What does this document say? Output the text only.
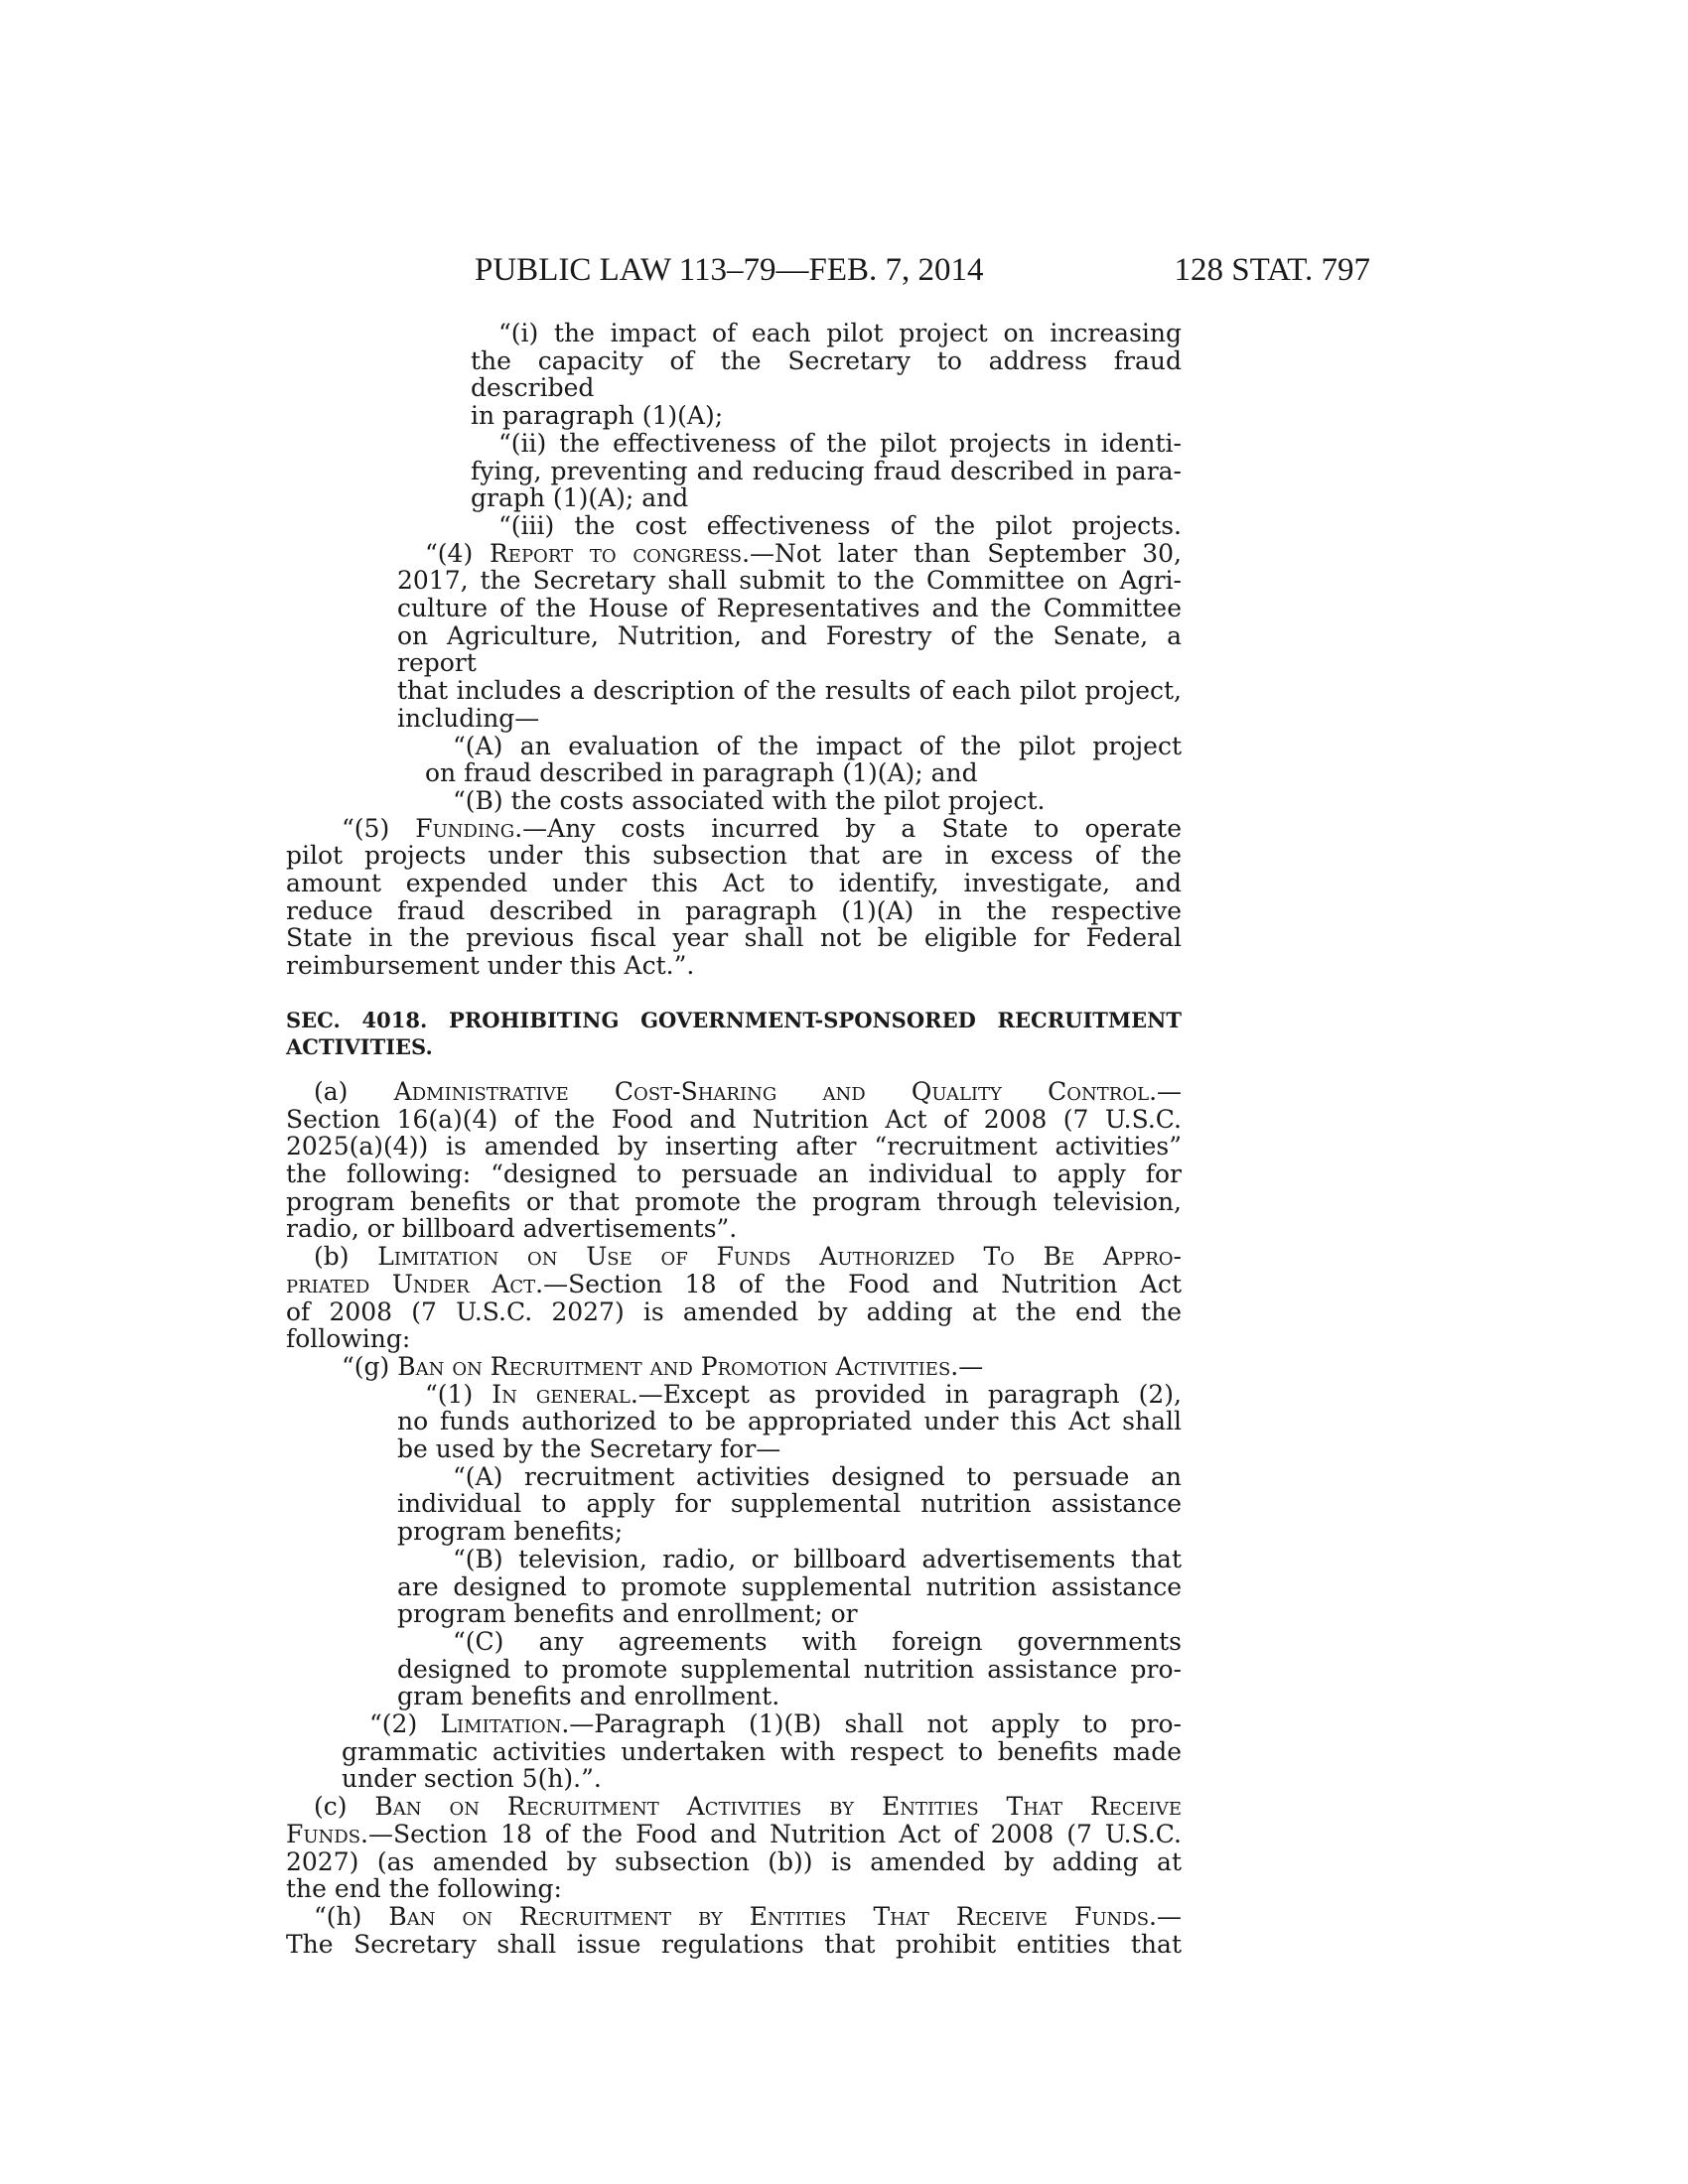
PUBLIC LAW 113–79—FEB. 7, 2014	128 STAT. 797

“(i) the impact of each pilot project on increasing

the capacity of the Secretary to address fraud described

in paragraph (1)(A);

“(ii) the effectiveness of the pilot projects in identi-

fying, preventing and reducing fraud described in para-

graph (1)(A); and

“(iii) the cost effectiveness of the pilot projects.

“(4) Report to congress.—Not later than September 30,

2017, the Secretary shall submit to the Committee on Agri-

culture of the House of Representatives and the Committee

on Agriculture, Nutrition, and Forestry of the Senate, a report

that includes a description of the results of each pilot project,

including—

“(A) an evaluation of the impact of the pilot project

on fraud described in paragraph (1)(A); and

“(B) the costs associated with the pilot project.

“(5) Funding.—Any costs incurred by a State to operate

pilot projects under this subsection that are in excess of the

amount expended under this Act to identify, investigate, and

reduce fraud described in paragraph (1)(A) in the respective

State in the previous fiscal year shall not be eligible for Federal

reimbursement under this Act.”.

SEC. 4018. PROHIBITING GOVERNMENT-SPONSORED RECRUITMENT
ACTIVITIES.

(a) Administrative Cost-Sharing and Quality Control.—

Section 16(a)(4) of the Food and Nutrition Act of 2008 (7 U.S.C.

2025(a)(4)) is amended by inserting after “recruitment activities”

the following: “designed to persuade an individual to apply for

program benefits or that promote the program through television,

radio, or billboard advertisements”.

(b) Limitation on Use of Funds Authorized To Be Appro-

priated Under Act.—Section 18 of the Food and Nutrition Act

of 2008 (7 U.S.C. 2027) is amended by adding at the end the

following:

“(g) Ban on Recruitment and Promotion Activities.—

“(1) In general.—Except as provided in paragraph (2),

no funds authorized to be appropriated under this Act shall

be used by the Secretary for—

“(A) recruitment activities designed to persuade an

individual to apply for supplemental nutrition assistance

program benefits;

“(B) television, radio, or billboard advertisements that

are designed to promote supplemental nutrition assistance

program benefits and enrollment; or

“(C) any agreements with foreign governments

designed to promote supplemental nutrition assistance pro-

gram benefits and enrollment.

“(2) Limitation.—Paragraph (1)(B) shall not apply to pro-

grammatic activities undertaken with respect to benefits made

under section 5(h).”.

(c) Ban on Recruitment Activities by Entities That Receive

Funds.—Section 18 of the Food and Nutrition Act of 2008 (7 U.S.C.

2027) (as amended by subsection (b)) is amended by adding at

the end the following:

“(h) Ban on Recruitment by Entities That Receive Funds.—

The Secretary shall issue regulations that prohibit entities that
